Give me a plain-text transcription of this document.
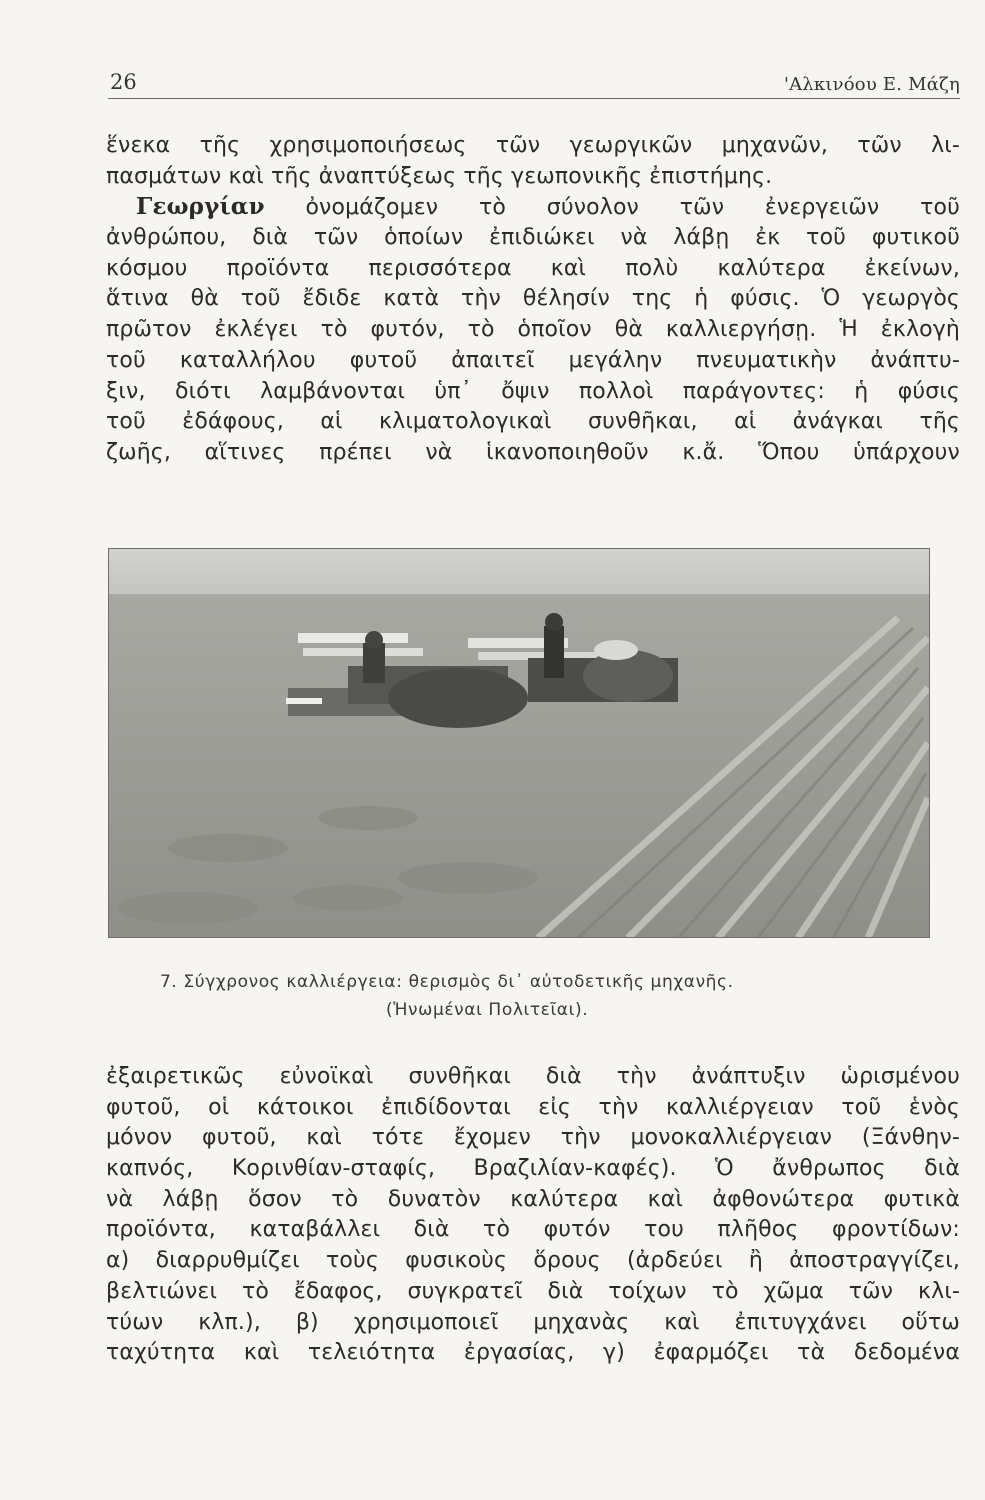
26	'Αλκινόου Ε. Μάζη
ἕνεκα τῆς χρησιμοποιήσεως τῶν γεωργικῶν μηχανῶν, τῶν λι-
πασμάτων καὶ τῆς ἀναπτύξεως τῆς γεωπονικῆς ἐπιστήμης.
Γεωργίαν ὀνομάζομεν τὸ σύνολον τῶν ἐνεργειῶν τοῦ
ἀνθρώπου, διὰ τῶν ὁποίων ἐπιδιώκει νὰ λάβῃ ἐκ τοῦ φυτικοῦ
κόσμου προϊόντα περισσότερα καὶ πολὺ καλύτερα ἐκείνων,
ἅτινα θὰ τοῦ ἔδιδε κατὰ τὴν θέλησίν της ἡ φύσις. Ὁ γεωργὸς
πρῶτον ἐκλέγει τὸ φυτόν, τὸ ὁποῖον θὰ καλλιεργήσῃ. Ἡ ἐκλογὴ
τοῦ καταλλήλου φυτοῦ ἀπαιτεῖ μεγάλην πνευματικὴν ἀνάπτυ-
ξιν, διότι λαμβάνονται ὑπ᾽ ὄψιν πολλοὶ παράγοντες: ἡ φύσις
τοῦ ἐδάφους, αἱ κλιματολογικαὶ συνθῆκαι, αἱ ἀνάγκαι τῆς
ζωῆς, αἵτινες πρέπει νὰ ἱκανοποιηθοῦν κ.ἄ. Ὅπου ὑπάρχουν
7. Σύγχρονος καλλιέργεια: θερισμὸς δι᾽ αὐτοδετικῆς μηχανῆς.
(Ἡνωμέναι Πολιτεῖαι).
ἐξαιρετικῶς εὐνοϊκαὶ συνθῆκαι διὰ τὴν ἀνάπτυξιν ὡρισμένου
φυτοῦ, οἱ κάτοικοι ἐπιδίδονται εἰς τὴν καλλιέργειαν τοῦ ἑνὸς
μόνον φυτοῦ, καὶ τότε ἔχομεν τὴν μονοκαλλιέργειαν (Ξάνθην-
καπνός, Κορινθίαν-σταφίς, Βραζιλίαν-καφές). Ὁ ἄνθρωπος διὰ
νὰ λάβῃ ὅσον τὸ δυνατὸν καλύτερα καὶ ἀφθονώτερα φυτικὰ
προϊόντα, καταβάλλει διὰ τὸ φυτόν του πλῆθος φροντίδων:
α) διαρρυθμίζει τοὺς φυσικοὺς ὅρους (ἀρδεύει ἢ ἀποστραγγίζει,
βελτιώνει τὸ ἔδαφος, συγκρατεῖ διὰ τοίχων τὸ χῶμα τῶν κλι-
τύων κλπ.), β) χρησιμοποιεῖ μηχανὰς καὶ ἐπιτυγχάνει οὕτω
ταχύτητα καὶ τελειότητα ἐργασίας, γ) ἐφαρμόζει τὰ δεδομένα
